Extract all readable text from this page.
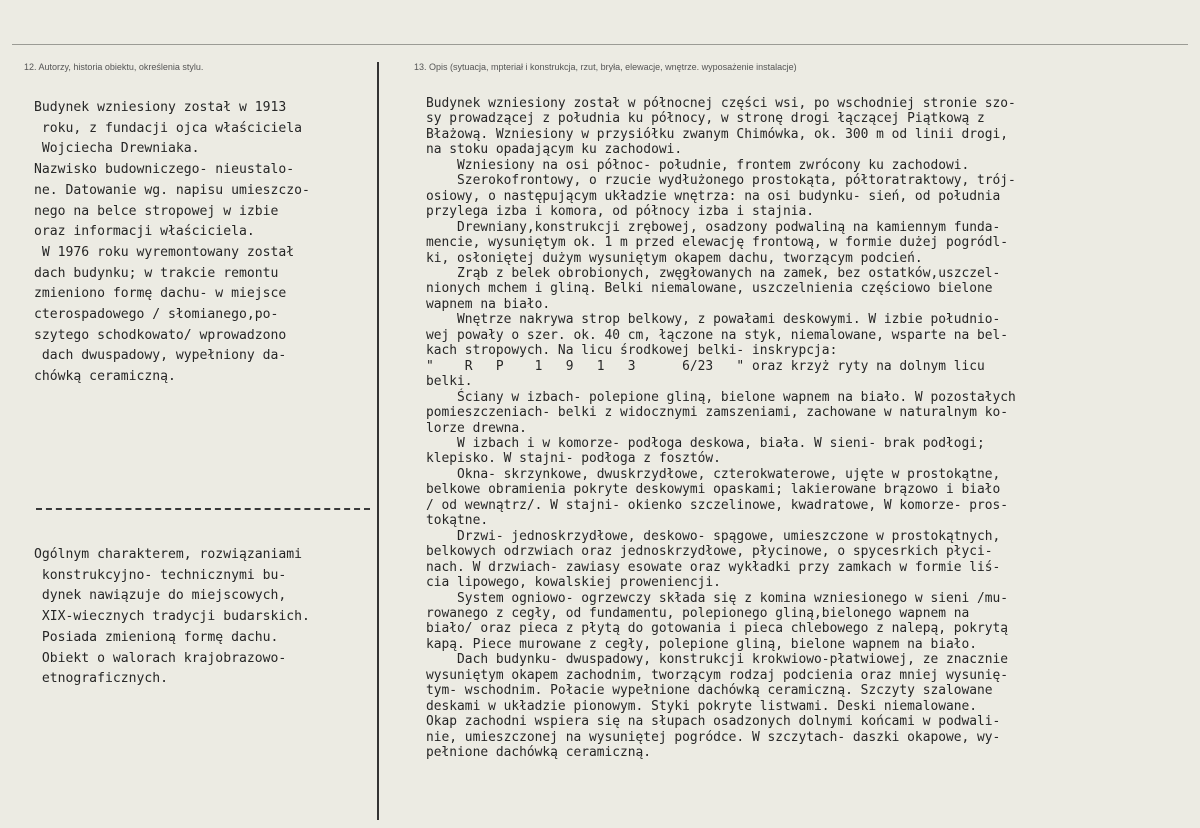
12. Autorzy, historia obiektu, określenia stylu.	13. Opis (sytuacja, mpteriał i konstrukcja, rzut, bryła, elewacje, wnętrze. wyposażenie instalacje)
Budynek wzniesiony został w 1913
roku, z fundacji ojca właściciela
Wojciecha Drewniaka.
Nazwisko budowniczego- nieustalo-
ne. Datowanie wg. napisu umieszczo-
nego na belce stropowej w izbie
oraz informacji właściciela.
W 1976 roku wyremontowany został
dach budynku; w trakcie remontu
zmieniono formę dachu- w miejsce
cterospadowego / słomianego,po-
szytego schodkowato/ wprowadzono
dach dwuspadowy, wypełniony da-
chówką ceramiczną.
Ogólnym charakterem, rozwiązaniami
konstrukcyjno- technicznymi bu-
dynek nawiązuje do miejscowych,
XIX-wiecznych tradycji budarskich.
Posiada zmienioną formę dachu.
Obiekt o walorach krajobrazowo-
etnograficznych.
Budynek wzniesiony został w północnej części wsi, po wschodniej stronie szo-
sy prowadzącej z południa ku północy, w stronę drogi łączącej Piątkową z
Błażową. Wzniesiony w przysiółku zwanym Chimówka, ok. 300 m od linii drogi,
na stoku opadającym ku zachodowi.
Wzniesiony na osi północ- południe, frontem zwrócony ku zachodowi.
Szerokofrontowy, o rzucie wydłużonego prostokąta, półtoratraktowy, trój-
osiowy, o następującym układzie wnętrza: na osi budynku- sień, od południa
przylega izba i komora, od północy izba i stajnia.
Drewniany,konstrukcji zrębowej, osadzony podwaliną na kamiennym funda-
mencie, wysuniętym ok. 1 m przed elewację frontową, w formie dużej pogródl-
ki, osłoniętej dużym wysuniętym okapem dachu, tworzącym podcień.
Zrąb z belek obrobionych, zwęgłowanych na zamek, bez ostatków,uszczel-
nionych mchem i gliną. Belki niemalowane, uszczelnienia częściowo bielone
wapnem na biało.
Wnętrze nakrywa strop belkowy, z powałami deskowymi. W izbie południo-
wej powały o szer. ok. 40 cm, łączone na styk, niemalowane, wsparte na bel-
kach stropowych. Na licu środkowej belki- inskrypcja:
"    R   P    1   9   1   3      6/23   " oraz krzyż ryty na dolnym licu
belki.
Ściany w izbach- polepione gliną, bielone wapnem na biało. W pozostałych
pomieszczeniach- belki z widocznymi zamszeniami, zachowane w naturalnym ko-
lorze drewna.
W izbach i w komorze- podłoga deskowa, biała. W sieni- brak podłogi;
klepisko. W stajni- podłoga z fosztów.
Okna- skrzynkowe, dwuskrzydłowe, czterokwaterowe, ujęte w prostokątne,
belkowe obramienia pokryte deskowymi opaskami; lakierowane brązowo i biało
/ od wewnątrz/. W stajni- okienko szczelinowe, kwadratowe, W komorze- pros-
tokątne.
Drzwi- jednoskrzydłowe, deskowo- spągowe, umieszczone w prostokątnych,
belkowych odrzwiach oraz jednoskrzydłowe, płycinowe, o spycesrkich płyci-
nach. W drzwiach- zawiasy esowate oraz wykładki przy zamkach w formie liś-
cia lipowego, kowalskiej proweniencji.
System ogniowo- ogrzewczy składa się z komina wzniesionego w sieni /mu-
rowanego z cegły, od fundamentu, polepionego gliną,bielonego wapnem na
biało/ oraz pieca z płytą do gotowania i pieca chlebowego z nalepą, pokrytą
kapą. Piece murowane z cegły, polepione gliną, bielone wapnem na biało.
Dach budynku- dwuspadowy, konstrukcji krokwiowo-płatwiowej, ze znacznie
wysuniętym okapem zachodnim, tworzącym rodzaj podcienia oraz mniej wysunię-
tym- wschodnim. Połacie wypełnione dachówką ceramiczną. Szczyty szalowane
deskami w układzie pionowym. Styki pokryte listwami. Deski niemalowane.
Okap zachodni wspiera się na słupach osadzonych dolnymi końcami w podwali-
nie, umieszczonej na wysuniętej pogródce. W szczytach- daszki okapowe, wy-
pełnione dachówką ceramiczną.
